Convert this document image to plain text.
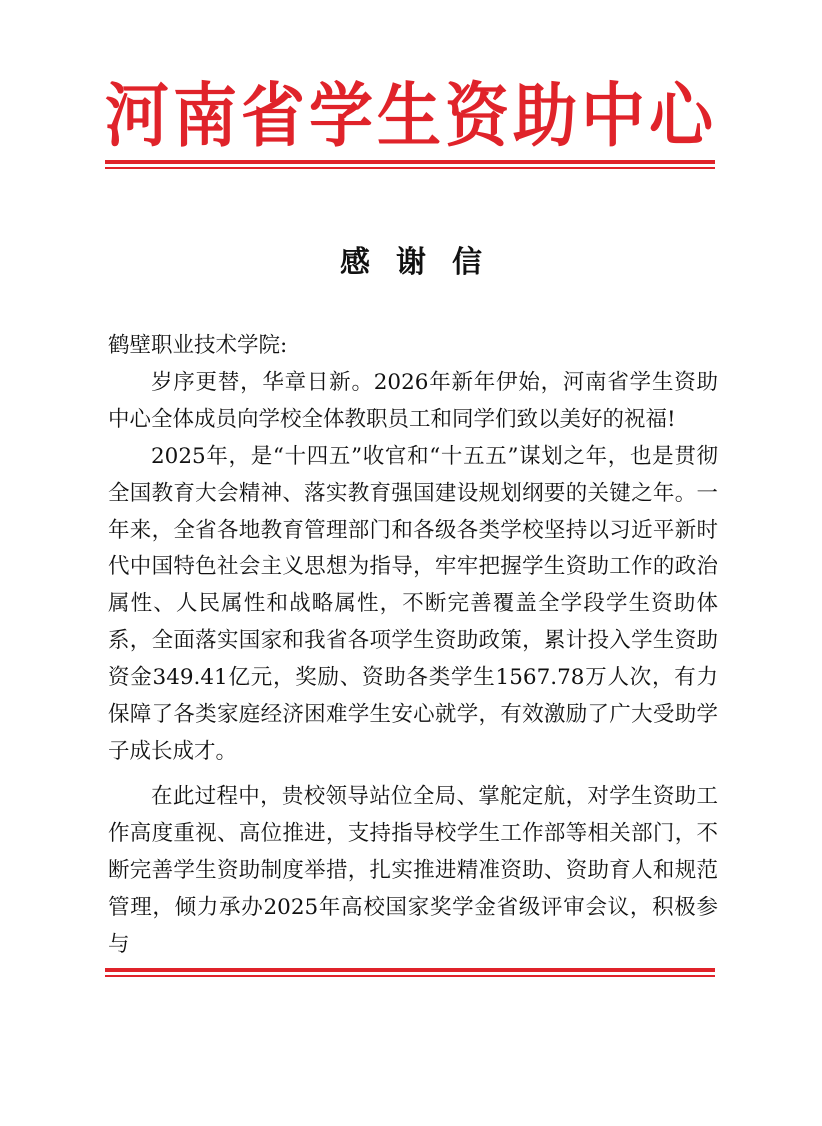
河南省学生资助中心
感谢信

鹤壁职业技术学院:

岁序更替，华章日新。2026年新年伊始，河南省学生资助中心全体成员向学校全体教职员工和同学们致以美好的祝福!

2025年，是“十四五”收官和“十五五”谋划之年，也是贯彻全国教育大会精神、落实教育强国建设规划纲要的关键之年。一年来，全省各地教育管理部门和各级各类学校坚持以习近平新时代中国特色社会主义思想为指导，牢牢把握学生资助工作的政治属性、人民属性和战略属性，不断完善覆盖全学段学生资助体系，全面落实国家和我省各项学生资助政策，累计投入学生资助资金349.41亿元，奖励、资助各类学生1567.78万人次，有力保障了各类家庭经济困难学生安心就学，有效激励了广大受助学子成长成才。

在此过程中，贵校领导站位全局、掌舵定航，对学生资助工作高度重视、高位推进，支持指导校学生工作部等相关部门，不断完善学生资助制度举措，扎实推进精准资助、资助育人和规范管理，倾力承办2025年高校国家奖学金省级评审会议，积极参与
